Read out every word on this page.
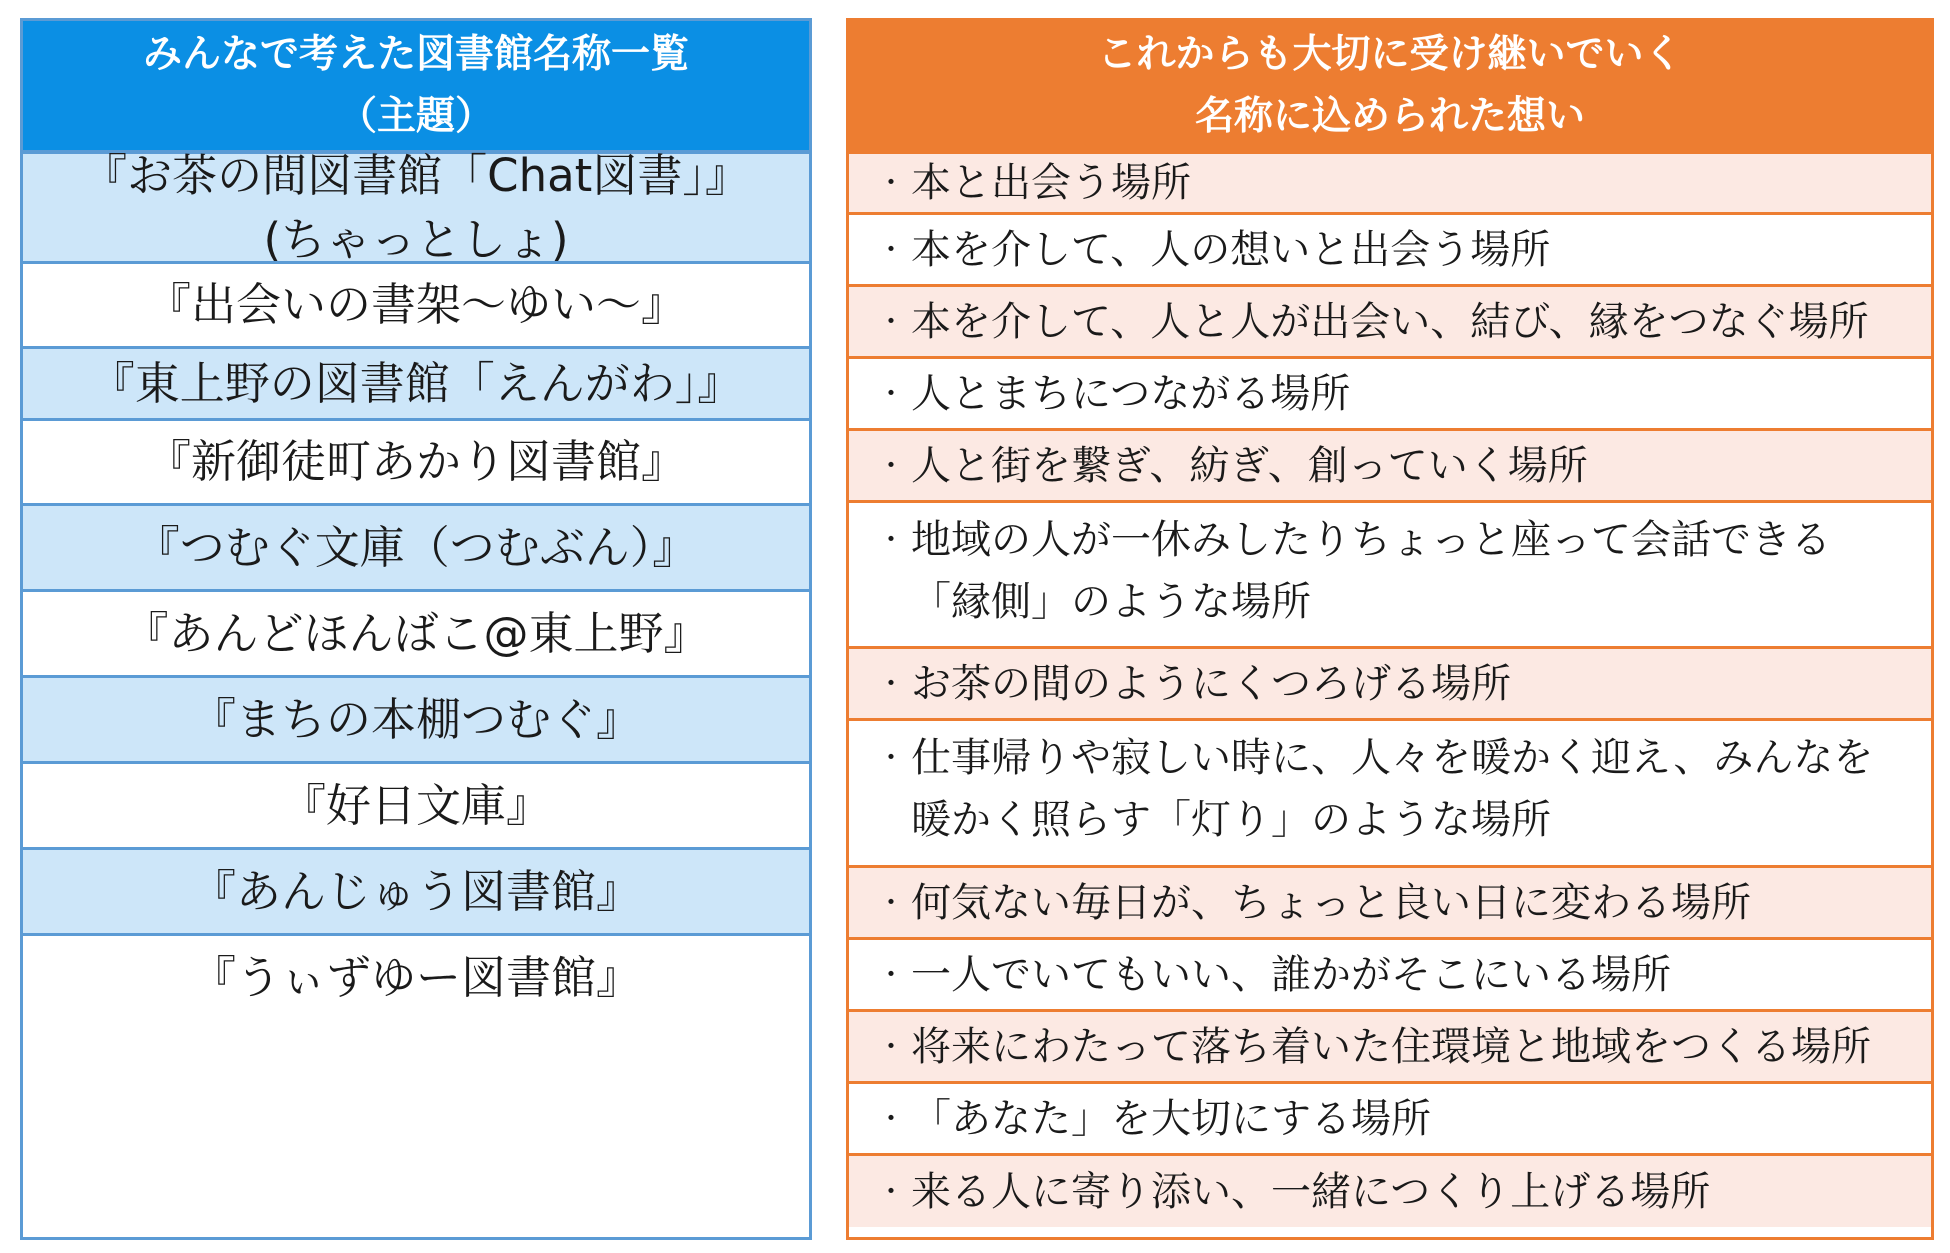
みんなで考えた図書館名称一覧
（主題）
『お茶の間図書館「Chat図書」』
(ちゃっとしょ)
『出会いの書架～ゆい～』
『東上野の図書館「えんがわ」』
『新御徒町あかり図書館』
『つむぐ文庫（つむぶん）』
『あんどほんばこ@東上野』
『まちの本棚つむぐ』
『好日文庫』
『あんじゅう図書館』
『うぃずゆー図書館』
これからも大切に受け継いでいく
名称に込められた想い
・ 本と出会う場所
・ 本を介して、人の想いと出会う場所
・ 本を介して、人と人が出会い、結び、縁をつなぐ場所
・ 人とまちにつながる場所
・ 人と街を繋ぎ、紡ぎ、創っていく場所
・ 地域の人が一休みしたりちょっと座って会話できる
「縁側」のような場所
・ お茶の間のようにくつろげる場所
・ 仕事帰りや寂しい時に、人々を暖かく迎え、みんなを
暖かく照らす「灯り」のような場所
・ 何気ない毎日が、ちょっと良い日に変わる場所
・ 一人でいてもいい、誰かがそこにいる場所
・ 将来にわたって落ち着いた住環境と地域をつくる場所
・ 「あなた」を大切にする場所
・ 来る人に寄り添い、一緒につくり上げる場所
